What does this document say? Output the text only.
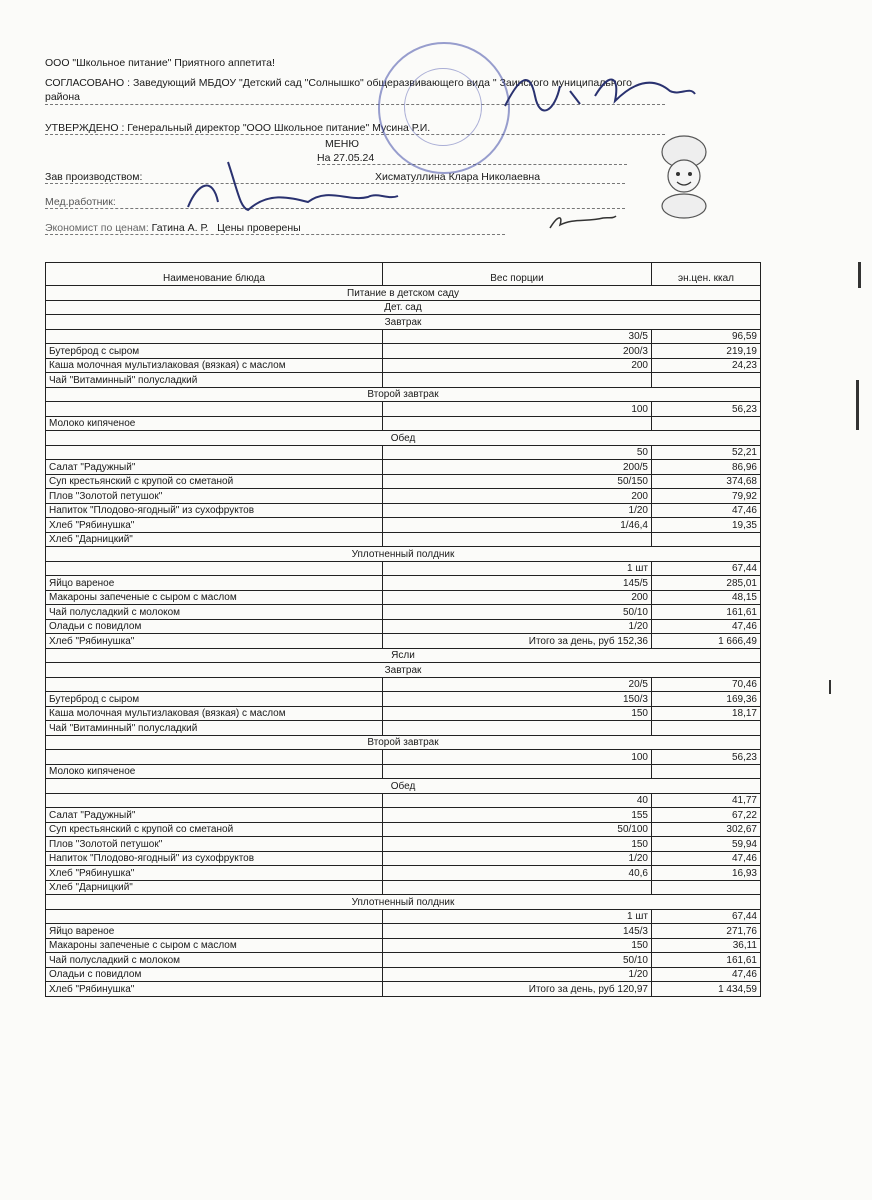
ООО "Школьное питание" Приятного аппетита!
СОГЛАСОВАНО : Заведующий МБДОУ "Детский сад "Солнышко" общеразвивающего вида " Заинского муниципального района
УТВЕРЖДЕНО : Генеральный директор "ООО Школьное питание" Мусина Р.И.
МЕНЮ
На 27.05.24
Зав производством:	Хисматуллина Клара Николаевна
Мед.работник:
Экономист по ценам: Гатина А. Р. Цены проверены
Наименование блюда	Вес порции	эн.цен. ккал
Питание в детском саду		
Дет. сад		
Завтрак		
	30/5	96,59
Бутерброд с сыром	200/3	219,19
Каша молочная мультизлаковая (вязкая) с маслом	200	24,23
Чай "Витаминный" полусладкий		
Второй завтрак		
	100	56,23
Молоко кипяченое		
Обед		
	50	52,21
Салат "Радужный"	200/5	86,96
Суп крестьянский с крупой со сметаной	50/150	374,68
Плов "Золотой петушок"	200	79,92
Напиток "Плодово-ягодный" из сухофруктов	1/20	47,46
Хлеб "Рябинушка"	1/46,4	19,35
Хлеб "Дарницкий"		
Уплотненный полдник		
	1 шт	67,44
Яйцо вареное	145/5	285,01
Макароны запеченые с сыром с маслом	200	48,15
Чай полусладкий с молоком	50/10	161,61
Оладьи с повидлом	1/20	47,46
Хлеб "Рябинушка"	Итого за день, руб 152,36	1 666,49
Ясли		
Завтрак		
	20/5	70,46
Бутерброд с сыром	150/3	169,36
Каша молочная мультизлаковая (вязкая) с маслом	150	18,17
Чай "Витаминный" полусладкий		
Второй завтрак		
	100	56,23
Молоко кипяченое		
Обед		
	40	41,77
Салат "Радужный"	155	67,22
Суп крестьянский с крупой со сметаной	50/100	302,67
Плов "Золотой петушок"	150	59,94
Напиток "Плодово-ягодный" из сухофруктов	1/20	47,46
Хлеб "Рябинушка"	40,6	16,93
Хлеб "Дарницкий"		
Уплотненный полдник		
	1 шт	67,44
Яйцо вареное	145/3	271,76
Макароны запеченые с сыром с маслом	150	36,11
Чай полусладкий с молоком	50/10	161,61
Оладьи с повидлом	1/20	47,46
Хлеб "Рябинушка"	Итого за день, руб 120,97	1 434,59
